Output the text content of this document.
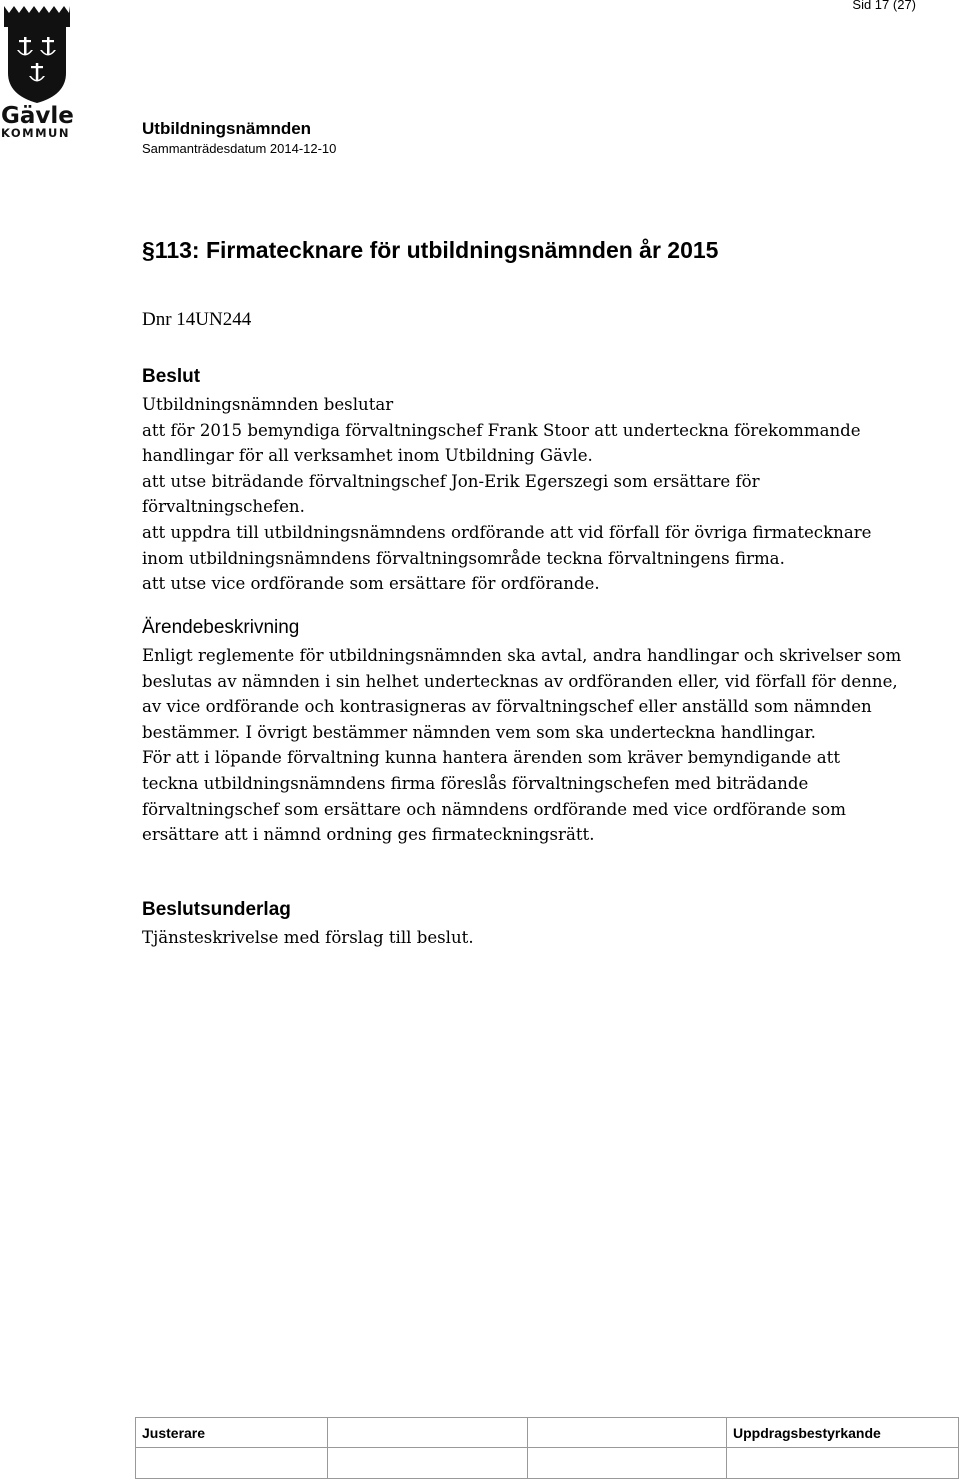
Sid 17 (27)
Gävle
KOMMUN	Utbildningsnämnden
Sammanträdesdatum 2014-12-10
§113: Firmatecknare för utbildningsnämnden år 2015
Dnr 14UN244
Beslut

Utbildningsnämnden beslutar

att för 2015 bemyndiga förvaltningschef Frank Stoor att underteckna förekommande handlingar för all verksamhet inom Utbildning Gävle.

att utse biträdande förvaltningschef Jon-Erik Egerszegi som ersättare för förvaltningschefen.

att uppdra till utbildningsnämndens ordförande att vid förfall för övriga firmatecknare inom utbildningsnämndens förvaltningsområde teckna förvaltningens firma.

att utse vice ordförande som ersättare för ordförande.

Ärendebeskrivning

Enligt reglemente för utbildningsnämnden ska avtal, andra handlingar och skrivelser som beslutas av nämnden i sin helhet undertecknas av ordföranden eller, vid förfall för denne, av vice ordförande och kontrasigneras av förvaltningschef eller anställd som nämnden bestämmer. I övrigt bestämmer nämnden vem som ska underteckna handlingar.

För att i löpande förvaltning kunna hantera ärenden som kräver bemyndigande att teckna utbildningsnämndens firma föreslås förvaltningschefen med biträdande förvaltningschef som ersättare och nämndens ordförande med vice ordförande som ersättare att i nämnd ordning ges firmateckningsrätt.

Beslutsunderlag

Tjänsteskrivelse med förslag till beslut.

Justerare			Uppdragsbestyrkande
